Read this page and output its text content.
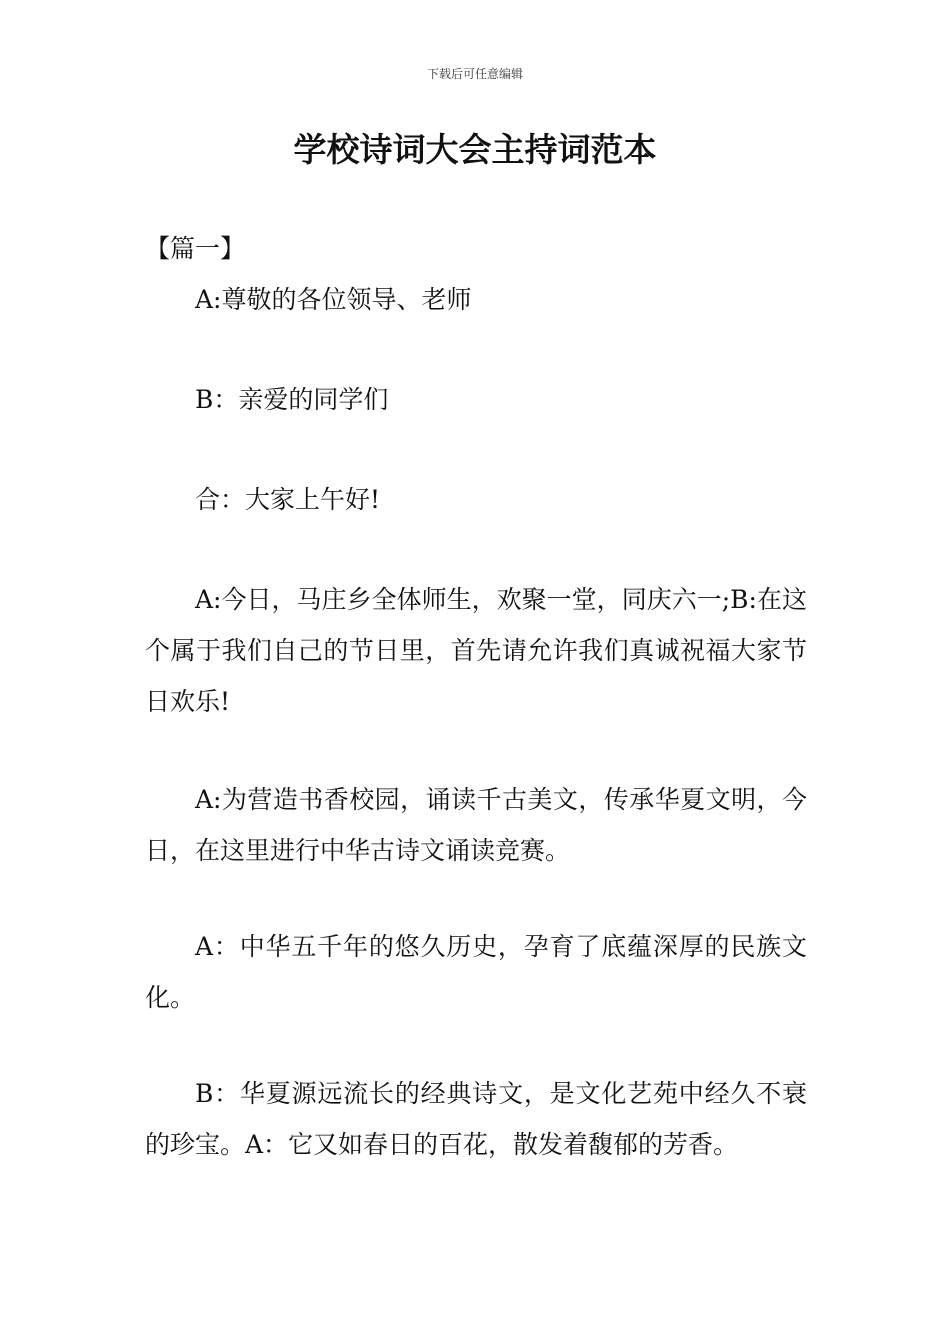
下载后可任意编辑
学校诗词大会主持词范本
【篇一】

A:尊敬的各位领导、老师

B：亲爱的同学们

合：大家上午好!

A:今日，马庄乡全体师生，欢聚一堂，同庆六一;B:在这个属于我们自己的节日里，首先请允许我们真诚祝福大家节日欢乐!

A:为营造书香校园，诵读千古美文，传承华夏文明，今日，在这里进行中华古诗文诵读竞赛。

A：中华五千年的悠久历史，孕育了底蕴深厚的民族文化。

B：华夏源远流长的经典诗文，是文化艺苑中经久不衰的珍宝。A：它又如春日的百花，散发着馥郁的芳香。
